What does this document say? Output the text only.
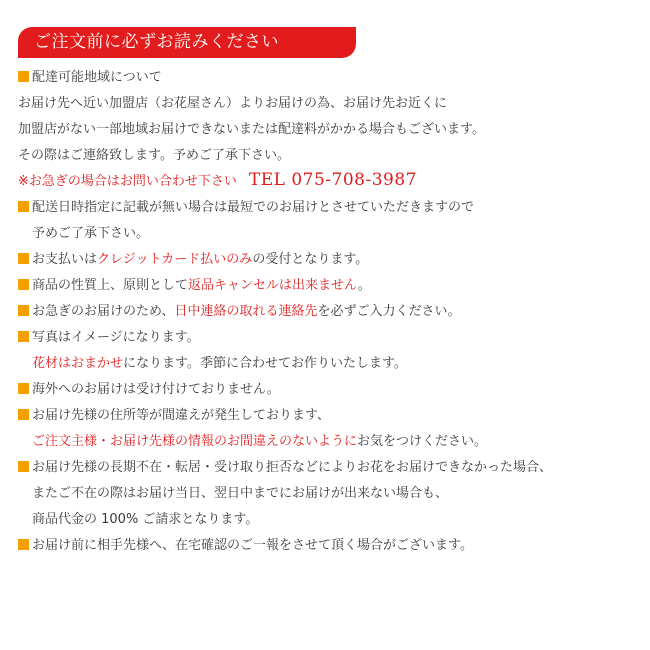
ご注文前に必ずお読みください
配達可能地域について
お届け先へ近い加盟店（お花屋さん）よりお届けの為、お届け先お近くに
加盟店がない一部地域お届けできないまたは配達料がかかる場合もございます。
その際はご連絡致します。予めご了承下さい。
※お急ぎの場合はお問い合わせ下さい TEL 075-708-3987
配送日時指定に記載が無い場合は最短でのお届けとさせていただきますので
予めご了承下さい。
お支払いはクレジットカード払いのみの受付となります。
商品の性質上、原則として返品キャンセルは出来ません。
お急ぎのお届けのため、日中連絡の取れる連絡先を必ずご入力ください。
写真はイメージになります。
花材はおまかせになります。季節に合わせてお作りいたします。
海外へのお届けは受け付けておりません。
お届け先様の住所等が間違えが発生しております、
ご注文主様・お届け先様の情報のお間違えのないようにお気をつけください。
お届け先様の長期不在・転居・受け取り拒否などによりお花をお届けできなかった場合、
またご不在の際はお届け当日、翌日中までにお届けが出来ない場合も、
商品代金の 100% ご請求となります。
お届け前に相手先様へ、在宅確認のご一報をさせて頂く場合がございます。
